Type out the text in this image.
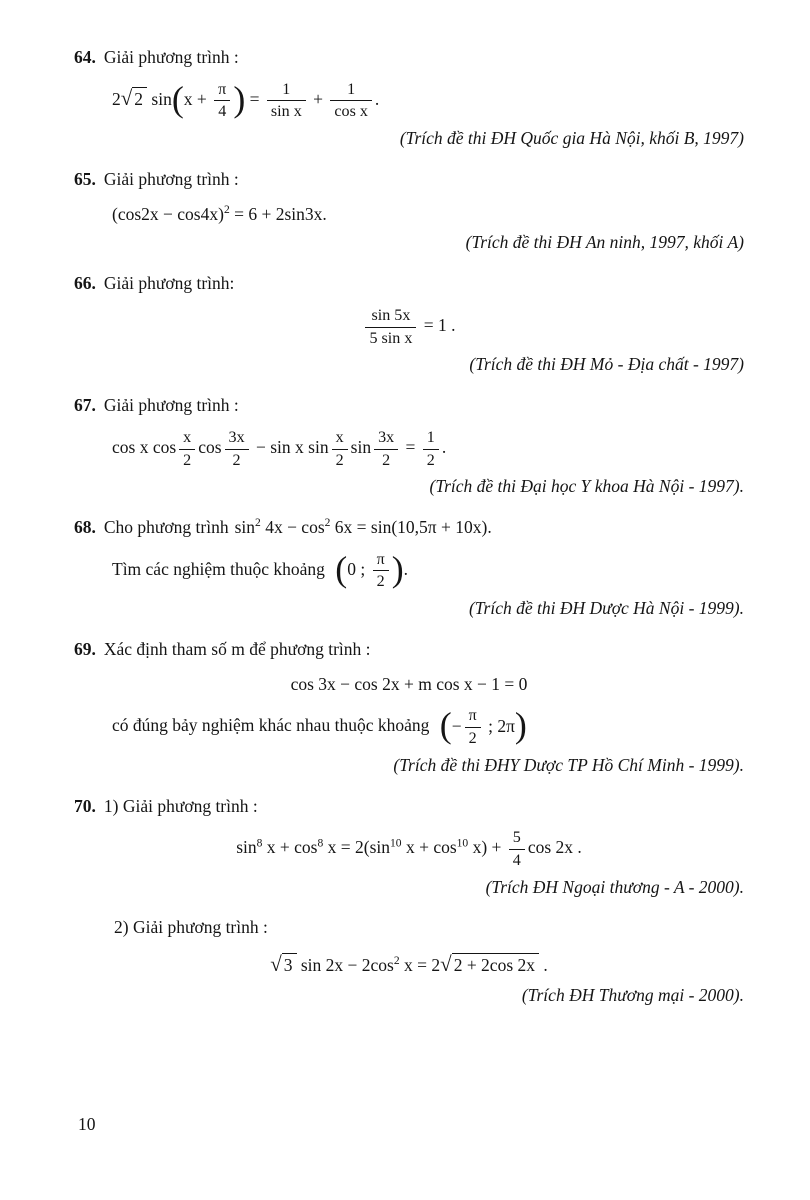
64. Giải phương trình :
2√ 2 $\sin(x + \frac{\pi}{4}$ ) = $\frac{1}{\text{sin x}} + \frac{1}{\text{cos x}}$ .
(Trích đề thi ĐH Quốc gia Hà Nội, khối B, 1997)
65. Giải phương trình :
$(\cos 2x - \cos 4x)^2 = 6 + 2\sin 3x$.
(Trích đề thi ĐH An ninh, 1997, khối A)
66. Giải phương trình:
$\frac{\sin 5x}{\text{5 sin x}} = 1$ .
(Trích đề thi ĐH Mỏ - Địa chất - 1997)
67. Giải phương trình :
cos x $\cos \frac{x}{2}$ $\cos \frac{3x}{2} - \sin x$ $\sin \frac{x}{2}$ $\sin \frac{3x}{2} = \frac{1}{2}$ .
(Trích đề thi Đại học Y khoa Hà Nội - 1997).
68. Cho phương trình $\sin^2 4x - \cos^2 6x = \sin(10,5\pi + 10x)$.
Tìm các nghiệm thuộc khoảng (0 ; $\frac{\pi}{2}$ ).
(Trích đề thi ĐH Dược Hà Nội - 1999).
69. Xác định tham số m để phương trình :
cos 3x − cos 2x + m cos x − 1 = 0
có đúng bảy nghiệm khác nhau thuộc khoảng (− $\frac{\pi}{2}$ ; 2π)
(Trích đề thi ĐHY Dược TP Hồ Chí Minh - 1999).
70. 1) Giải phương trình :
$\sin^8 x + \cos^8 x = 2(\sin^{10}$ $x + \cos^{10} x) + \frac{5}{4}$ cos 2x .
(Trích ĐH Ngoại thương - A - 2000).
2) Giải phương trình :
√ 3 $\sin 2x - 2\cos^2$ x = 2√ 2 + 2cos 2x .
(Trích ĐH Thương mại - 2000).
10
